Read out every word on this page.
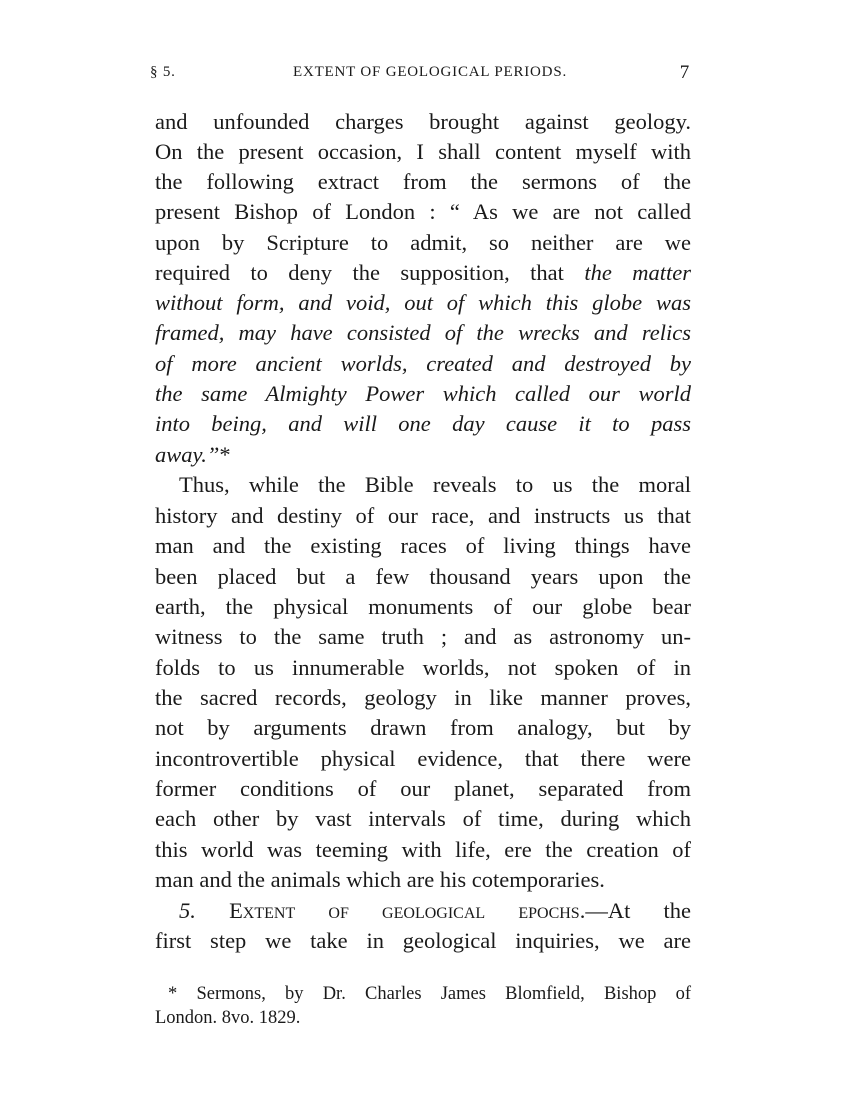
§ 5.	EXTENT OF GEOLOGICAL PERIODS.	7
and unfounded charges brought against geology.
On the present occasion, I shall content myself with
the following extract from the sermons of the
present Bishop of London : “ As we are not called
upon by Scripture to admit, so neither are we
required to deny the supposition, that the matter
without form, and void, out of which this globe was
framed, may have consisted of the wrecks and relics
of more ancient worlds, created and destroyed by
the same Almighty Power which called our world
into being, and will one day cause it to pass
away.”*
Thus, while the Bible reveals to us the moral
history and destiny of our race, and instructs us that
man and the existing races of living things have
been placed but a few thousand years upon the
earth, the physical monuments of our globe bear
witness to the same truth ; and as astronomy un-
folds to us innumerable worlds, not spoken of in
the sacred records, geology in like manner proves,
not by arguments drawn from analogy, but by
incontrovertible physical evidence, that there were
former conditions of our planet, separated from
each other by vast intervals of time, during which
this world was teeming with life, ere the creation of
man and the animals which are his cotemporaries.
5. Extent of geological epochs.—At the
first step we take in geological inquiries, we are
* Sermons, by Dr. Charles James Blomfield, Bishop of
London. 8vo. 1829.
